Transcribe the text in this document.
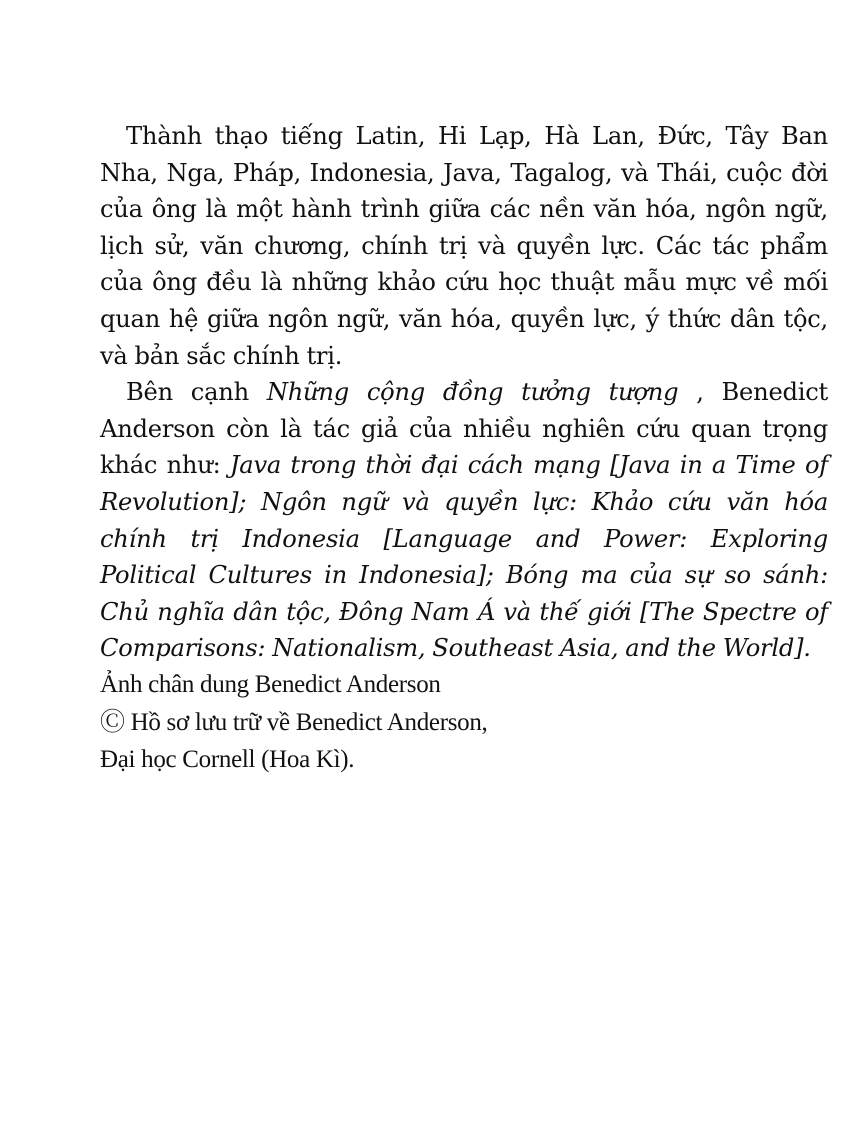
Thành thạo tiếng Latin, Hi Lạp, Hà Lan, Đức, Tây Ban Nha, Nga, Pháp, Indonesia, Java, Tagalog, và Thái, cuộc đời của ông là một hành trình giữa các nền văn hóa, ngôn ngữ, lịch sử, văn chương, chính trị và quyền lực. Các tác phẩm của ông đều là những khảo cứu học thuật mẫu mực về mối quan hệ giữa ngôn ngữ, văn hóa, quyền lực, ý thức dân tộc, và bản sắc chính trị.

Bên cạnh Những cộng đồng tưởng tượng , Benedict Anderson còn là tác giả của nhiều nghiên cứu quan trọng khác như: Java trong thời đại cách mạng [Java in a Time of Revolution]; Ngôn ngữ và quyền lực: Khảo cứu văn hóa chính trị Indonesia [Language and Power: Exploring Political Cultures in Indonesia]; Bóng ma của sự so sánh: Chủ nghĩa dân tộc, Đông Nam Á và thế giới [The Spectre of Comparisons: Nationalism, Southeast Asia, and the World].

Ảnh chân dung Benedict Anderson
Ⓒ Hồ sơ lưu trữ về Benedict Anderson,
Đại học Cornell (Hoa Kì).
